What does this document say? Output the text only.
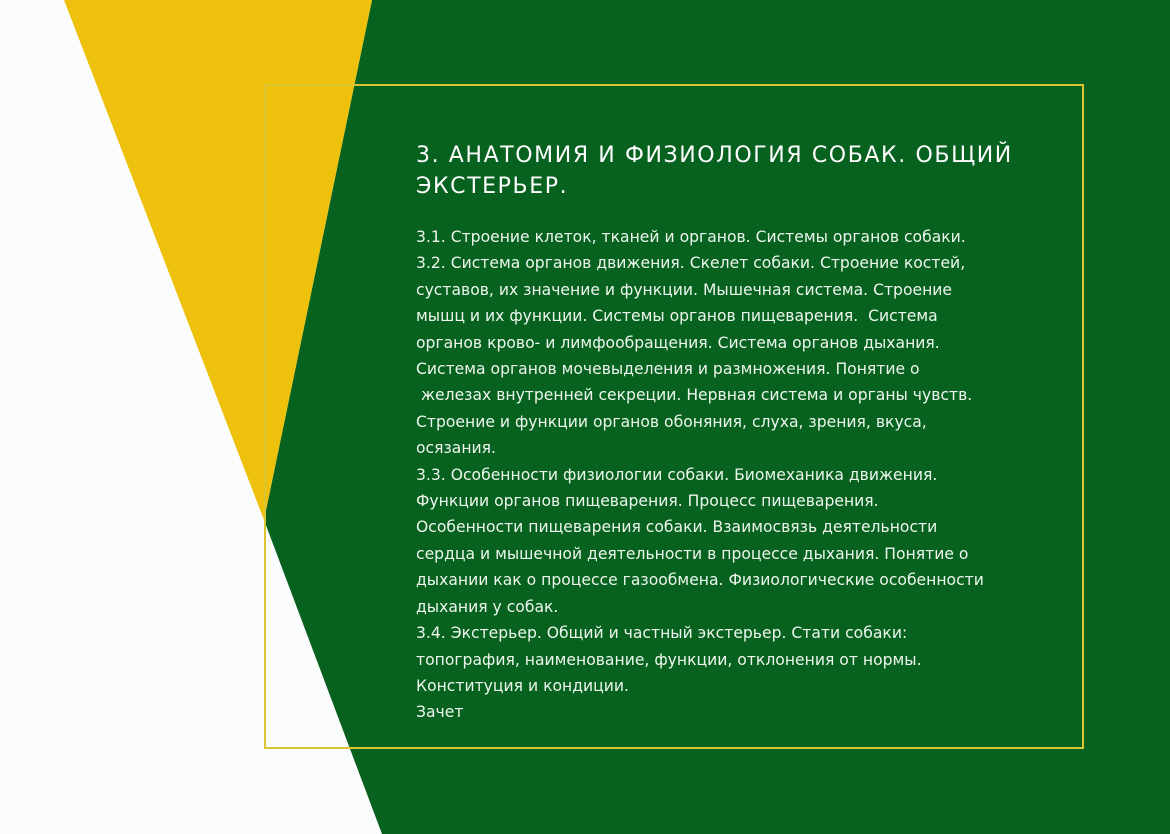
3. АНАТОМИЯ И ФИЗИОЛОГИЯ СОБАК. ОБЩИЙ ЭКСТЕРЬЕР.
3.1. Строение клеток, тканей и органов. Системы органов собаки.
3.2. Система органов движения. Скелет собаки. Строение костей,
суставов, их значение и функции. Мышечная система. Строение
мышц и их функции. Системы органов пищеварения.  Система
органов крово- и лимфообращения. Система органов дыхания.
Система органов мочевыделения и размножения. Понятие о
железах внутренней секреции. Нервная система и органы чувств.
Строение и функции органов обоняния, слуха, зрения, вкуса,
осязания.
3.3. Особенности физиологии собаки. Биомеханика движения.
Функции органов пищеварения. Процесс пищеварения.
Особенности пищеварения собаки. Взаимосвязь деятельности
сердца и мышечной деятельности в процессе дыхания. Понятие о
дыхании как о процессе газообмена. Физиологические особенности
дыхания у собак.
3.4. Экстерьер. Общий и частный экстерьер. Стати собаки:
топография, наименование, функции, отклонения от нормы.
Конституция и кондиции.
Зачет
